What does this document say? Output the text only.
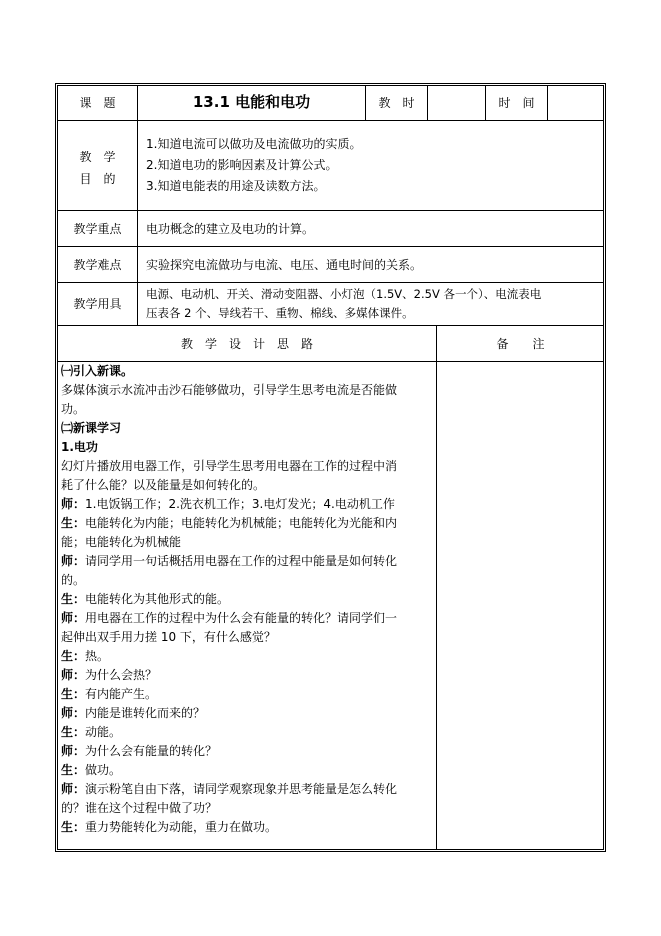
课　题	13.1 电能和电功	教　时	时　间
教　学
目　的
1.知道电流可以做功及电流做功的实质。
2.知道电功的影响因素及计算公式。
3.知道电能表的用途及读数方法。
教学重点	电功概念的建立及电功的计算。
教学难点	实验探究电流做功与电流、电压、通电时间的关系。
教学用具
电源、电动机、开关、滑动变阻器、小灯泡（1.5V、2.5V 各一个）、电流表电
压表各 2 个、导线若干、重物、棉线、多媒体课件。
教　学　设　计　思　路	备　　注
㈠引入新课。
多媒体演示水流冲击沙石能够做功，引导学生思考电流是否能做
功。
㈡新课学习
1.电功
幻灯片播放用电器工作，引导学生思考用电器在工作的过程中消
耗了什么能？以及能量是如何转化的。
师：1.电饭锅工作；2.洗衣机工作；3.电灯发光；4.电动机工作
生：电能转化为内能；电能转化为机械能；电能转化为光能和内
能；电能转化为机械能
师：请同学用一句话概括用电器在工作的过程中能量是如何转化
的。
生：电能转化为其他形式的能。
师：用电器在工作的过程中为什么会有能量的转化？请同学们一
起伸出双手用力搓 10 下，有什么感觉？
生：热。
师：为什么会热？
生：有内能产生。
师：内能是谁转化而来的？
生：动能。
师：为什么会有能量的转化？
生：做功。
师：演示粉笔自由下落，请同学观察现象并思考能量是怎么转化
的？谁在这个过程中做了功？
生：重力势能转化为动能，重力在做功。
